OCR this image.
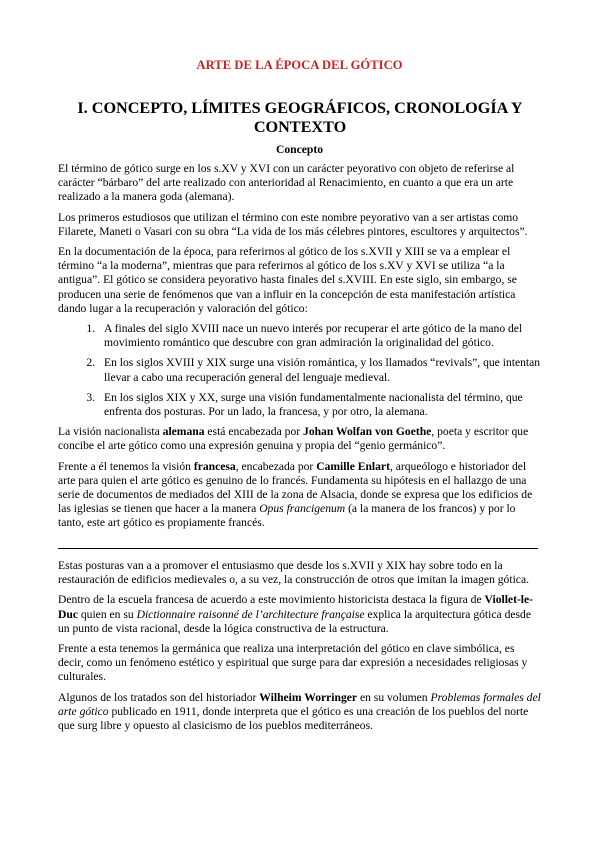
ARTE DE LA ÉPOCA DEL GÓTICO
I. CONCEPTO, LÍMITES GEOGRÁFICOS, CRONOLOGÍA Y CONTEXTO
Concepto

El término de gótico surge en los s.XV y XVI con un carácter peyorativo con objeto de referirse al carácter “bárbaro” del arte realizado con anterioridad al Renacimiento, en cuanto a que era un arte realizado a la manera goda (alemana).

Los primeros estudiosos que utilizan el término con este nombre peyorativo van a ser artistas como Filarete, Maneti o Vasari con su obra “La vida de los más célebres pintores, escultores y arquitectos”.

En la documentación de la época, para referirnos al gótico de los s.XVII y XIII se va a emplear el término “a la moderna”, mientras que para referirnos al gótico de los s.XV y XVI se utiliza “a la antigua”. El gótico se considera peyorativo hasta finales del s.XVIII. En este siglo, sin embargo, se producen una serie de fenómenos que van a influir en la concepción de esta manifestación artística dando lugar a la recuperación y valoración del gótico:

1. A finales del siglo XVIII nace un nuevo interés por recuperar el arte gótico de la mano del movimiento romántico que descubre con gran admiración la originalidad del gótico.
2. En los siglos XVIII y XIX surge una visión romántica, y los llamados “revivals”, que intentan llevar a cabo una recuperación general del lenguaje medieval.
3. En los siglos XIX y XX, surge una visión fundamentalmente nacionalista del término, que enfrenta dos posturas. Por un lado, la francesa, y por otro, la alemana.

La visión nacionalista alemana está encabezada por Johan Wolfan von Goethe, poeta y escritor que concibe el arte gótico como una expresión genuina y propia del “genio germánico”.

Frente a él tenemos la visión francesa, encabezada por Camille Enlart, arqueólogo e historiador del arte para quien el arte gótico es genuino de lo francés. Fundamenta su hipótesis en el hallazgo de una serie de documentos de mediados del XIII de la zona de Alsacia, donde se expresa que los edificios de las iglesias se tienen que hacer a la manera Opus francigenum (a la manera de los francos) y por lo tanto, este art gótico es propiamente francés.

Estas posturas van a a promover el entusiasmo que desde los s.XVII y XIX hay sobre todo en la restauración de edificios medievales o, a su vez, la construcción de otros que imitan la imagen gótica.

Dentro de la escuela francesa de acuerdo a este movimiento historicista destaca la figura de Viollet-le-Duc quien en su Dictionnaire raisonné de l’architecture française explica la arquitectura gótica desde un punto de vista racional, desde la lógica constructiva de la estructura.

Frente a esta tenemos la germánica que realiza una interpretación del gótico en clave simbólica, es decir, como un fenómeno estético y espiritual que surge para dar expresión a necesidades religiosas y culturales.

Algunos de los tratados son del historiador Wilheim Worringer en su volumen Problemas formales del arte gótico publicado en 1911, donde interpreta que el gótico es una creación de los pueblos del norte que surg libre y opuesto al clasicismo de los pueblos mediterráneos.
